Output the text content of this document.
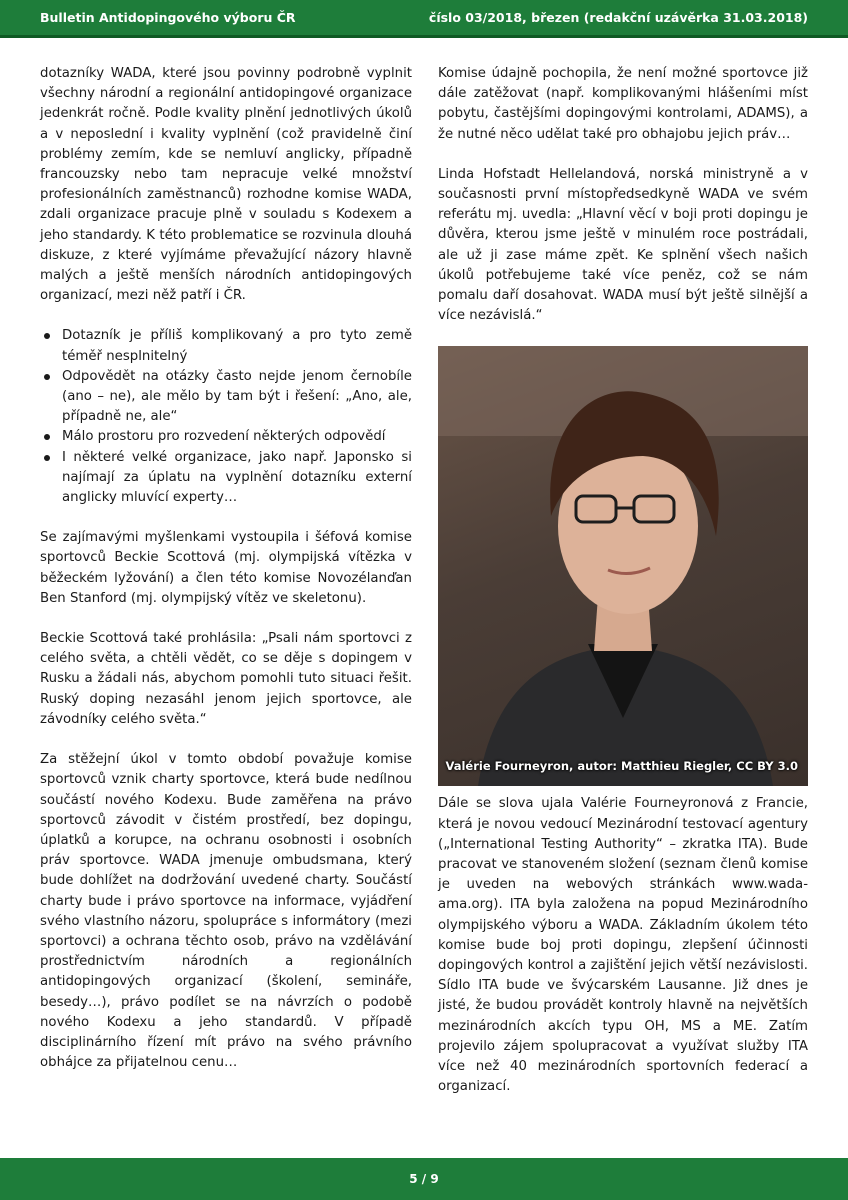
Bulletin Antidopingového výboru ČR	číslo 03/2018, březen (redakční uzávěrka 31.03.2018)

dotazníky WADA, které jsou povinny podrobně vyplnit všechny národní a regionální antidopingové organizace jedenkrát ročně. Podle kvality plnění jednotlivých úkolů a v neposlední i kvality vyplnění (což pravidelně činí problémy zemím, kde se nemluví anglicky, případně francouzsky nebo tam nepracuje velké množství profesionálních zaměstnanců) rozhodne komise WADA, zdali organizace pracuje plně v souladu s Kodexem a jeho standardy. K této problematice se rozvinula dlouhá diskuze, z které vyjímáme převažující názory hlavně malých a ještě menších národních antidopingových organizací, mezi něž patří i ČR.

Dotazník je příliš komplikovaný a pro tyto země téměř nesplnitelný
Odpovědět na otázky často nejde jenom černobíle (ano – ne), ale mělo by tam být i řešení: „Ano, ale, případně ne, ale“
Málo prostoru pro rozvedení některých odpovědí
I některé velké organizace, jako např. Japonsko si najímají za úplatu na vyplnění dotazníku externí anglicky mluvící experty…

Se zajímavými myšlenkami vystoupila i šéfová komise sportovců Beckie Scottová (mj. olympijská vítězka v běžeckém lyžování) a člen této komise Novozélanďan Ben Stanford (mj. olympijský vítěz ve skeletonu).

Beckie Scottová také prohlásila: „Psali nám sportovci z celého světa, a chtěli vědět, co se děje s dopingem v Rusku a žádali nás, abychom pomohli tuto situaci řešit. Ruský doping nezasáhl jenom jejich sportovce, ale závodníky celého světa.“

Za stěžejní úkol v tomto období považuje komise sportovců vznik charty sportovce, která bude nedílnou součástí nového Kodexu. Bude zaměřena na právo sportovců závodit v čistém prostředí, bez dopingu, úplatků a korupce, na ochranu osobnosti i osobních práv sportovce. WADA jmenuje ombudsmana, který bude dohlížet na dodržování uvedené charty. Součástí charty bude i právo sportovce na informace, vyjádření svého vlastního názoru, spolupráce s informátory (mezi sportovci) a ochrana těchto osob, právo na vzdělávání prostřednictvím národních a regionálních antidopingových organizací (školení, semináře, besedy…), právo podílet se na návrzích o podobě nového Kodexu a jeho standardů. V případě disciplinárního řízení mít právo na svého právního obhájce za přijatelnou cenu…

Komise údajně pochopila, že není možné sportovce již dále zatěžovat (např. komplikovanými hlášeními míst pobytu, častějšími dopingovými kontrolami, ADAMS), a že nutné něco udělat také pro obhajobu jejich práv…

Linda Hofstadt Hellelandová, norská ministryně a v současnosti první místopředsedkyně WADA ve svém referátu mj. uvedla: „Hlavní věcí v boji proti dopingu je důvěra, kterou jsme ještě v minulém roce postrádali, ale už ji zase máme zpět. Ke splnění všech našich úkolů potřebujeme také více peněz, což se nám pomalu daří dosahovat. WADA musí být ještě silnější a více nezávislá.“

Valérie Fourneyron, autor: Matthieu Riegler, CC BY 3.0

Dále se slova ujala Valérie Fourneyronová z Francie, která je novou vedoucí Mezinárodní testovací agentury („International Testing Authority“ – zkratka ITA). Bude pracovat ve stanoveném složení (seznam členů komise je uveden na webových stránkách www.wada-ama.org). ITA byla založena na popud Mezinárodního olympijského výboru a WADA. Základním úkolem této komise bude boj proti dopingu, zlepšení účinnosti dopingových kontrol a zajištění jejich větší nezávislosti. Sídlo ITA bude ve švýcarském Lausanne. Již dnes je jisté, že budou provádět kontroly hlavně na největších mezinárodních akcích typu OH, MS a ME. Zatím projevilo zájem spolupracovat a využívat služby ITA více než 40 mezinárodních sportovních federací a organizací.

5 / 9
